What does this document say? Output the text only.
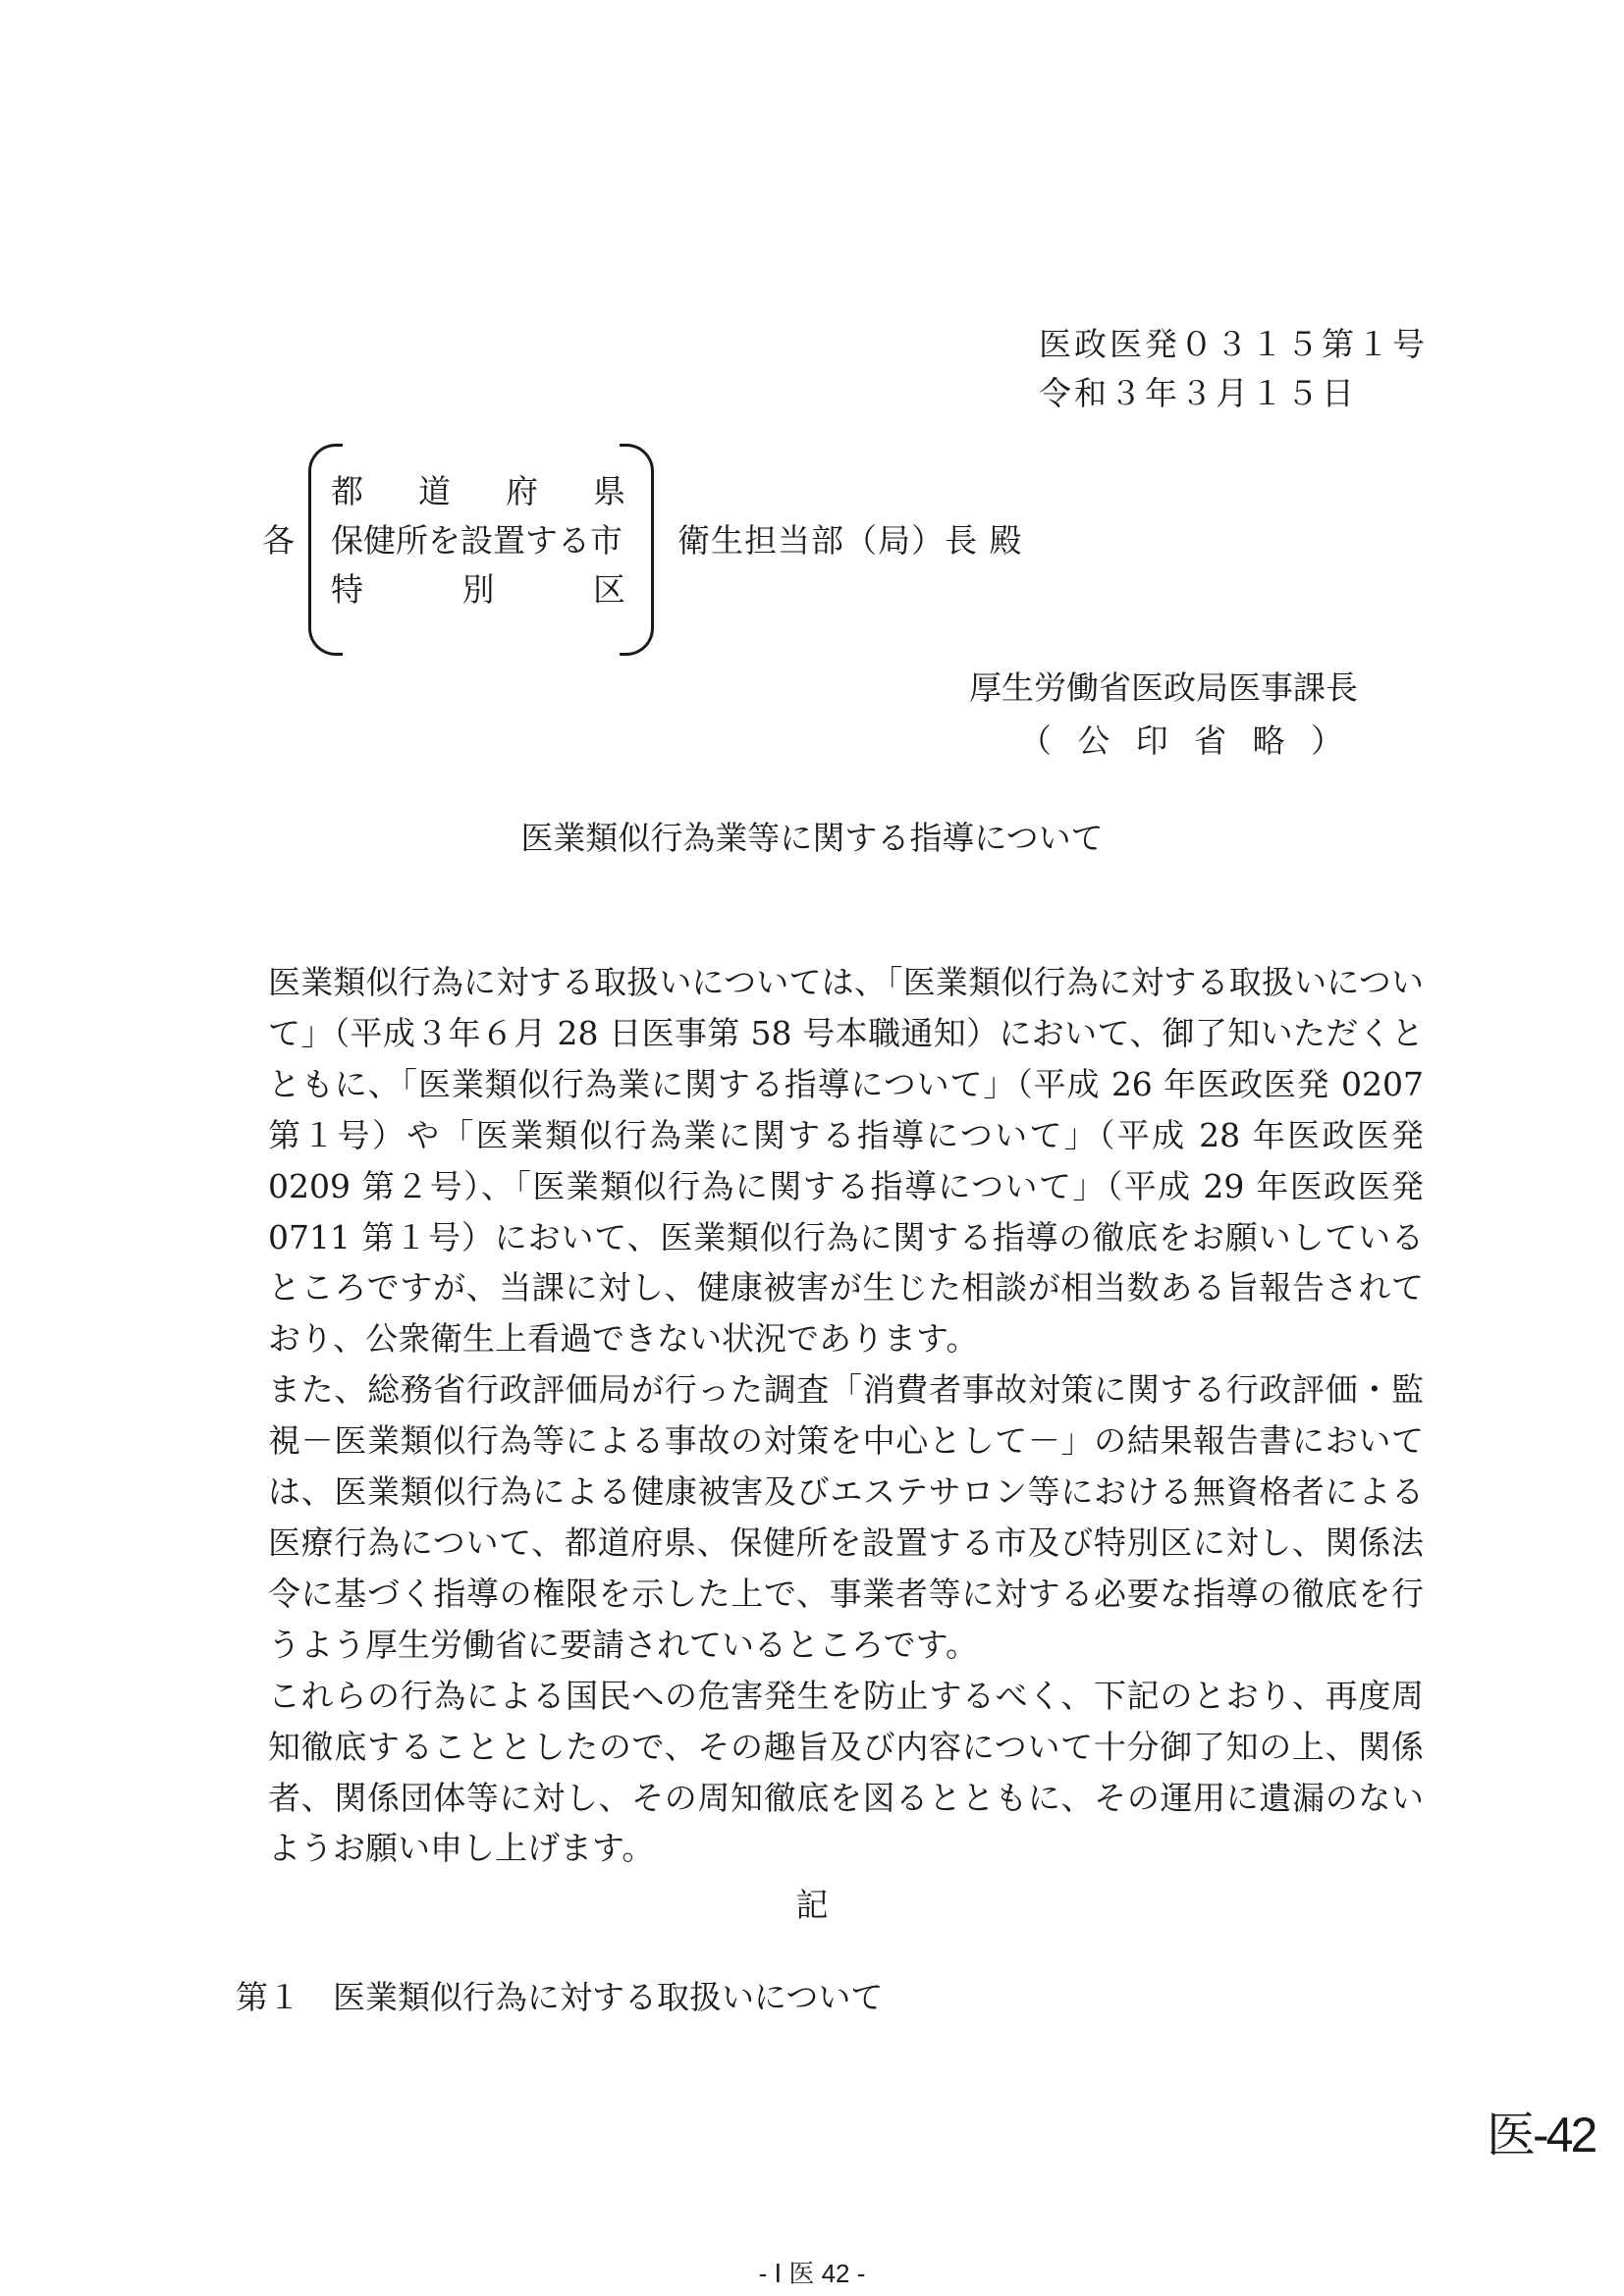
医政医発０３１５第１号
令和３年３月１５日
各
都 道 府 県
保健所を設置する市
特	別	区
衛生担当部（局）長 殿
厚生労働省医政局医事課長
（ 公 印 省 略 ）
医業類似行為業等に関する指導について

医業類似行為に対する取扱いについては、「医業類似行為に対する取扱いについて」（平成３年６月 28 日医事第 58 号本職通知）において、御了知いただくとともに、「医業類似行為業に関する指導について」（平成 26 年医政医発 0207 第１号）や「医業類似行為業に関する指導について」（平成 28 年医政医発 0209 第２号）、「医業類似行為に関する指導について」（平成 29 年医政医発 0711 第１号）において、医業類似行為に関する指導の徹底をお願いしているところですが、当課に対し、健康被害が生じた相談が相当数ある旨報告されており、公衆衛生上看過できない状況であります。

また、総務省行政評価局が行った調査「消費者事故対策に関する行政評価・監視－医業類似行為等による事故の対策を中心として－」の結果報告書においては、医業類似行為による健康被害及びエステサロン等における無資格者による医療行為について、都道府県、保健所を設置する市及び特別区に対し、関係法令に基づく指導の権限を示した上で、事業者等に対する必要な指導の徹底を行うよう厚生労働省に要請されているところです。

これらの行為による国民への危害発生を防止するべく、下記のとおり、再度周知徹底することとしたので、その趣旨及び内容について十分御了知の上、関係者、関係団体等に対し、その周知徹底を図るとともに、その運用に遺漏のないようお願い申し上げます。

記
第１　医業類似行為に対する取扱いについて
医-42
- Ⅰ 医 42 -
